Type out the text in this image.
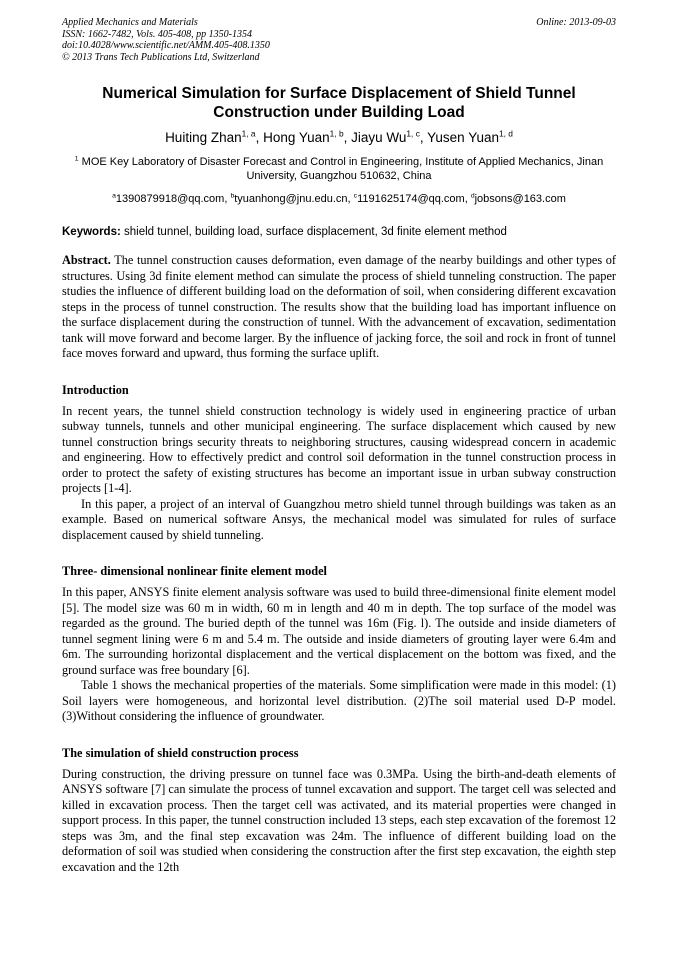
Applied Mechanics and Materials	Online: 2013-09-03
ISSN: 1662-7482, Vols. 405-408, pp 1350-1354
doi:10.4028/www.scientific.net/AMM.405-408.1350
© 2013 Trans Tech Publications Ltd, Switzerland
Numerical Simulation for Surface Displacement of Shield Tunnel
Construction under Building Load
Huiting Zhan$^{1, a}$, Hong Yuan$^{1, b}$, Jiayu Wu$^{1, c}$, Yusen Yuan$^{1, d}$
$^1$ MOE Key Laboratory of Disaster Forecast and Control in Engineering, Institute of Applied Mechanics, Jinan University, Guangzhou 510632, China
$^a$1390879918@qq.com, $^b$tyuanhong@jnu.edu.cn, $^c$1191625174@qq.com, $^d$jobsons@163.com
Keywords: shield tunnel, building load, surface displacement, 3d finite element method

Abstract. The tunnel construction causes deformation, even damage of the nearby buildings and other types of structures. Using 3d finite element method can simulate the process of shield tunneling construction. The paper studies the influence of different building load on the deformation of soil, when considering different excavation steps in the process of tunnel construction. The results show that the building load has important influence on the surface displacement during the construction of tunnel. With the advancement of excavation, sedimentation tank will move forward and become larger. By the influence of jacking force, the soil and rock in front of tunnel face moves forward and upward, thus forming the surface uplift.

Introduction

In recent years, the tunnel shield construction technology is widely used in engineering practice of urban subway tunnels, tunnels and other municipal engineering. The surface displacement which caused by new tunnel construction brings security threats to neighboring structures, causing widespread concern in academic and engineering. How to effectively predict and control soil deformation in the tunnel construction process in order to protect the safety of existing structures has become an important issue in urban subway construction projects [1-4].

In this paper, a project of an interval of Guangzhou metro shield tunnel through buildings was taken as an example. Based on numerical software Ansys, the mechanical model was simulated for rules of surface displacement caused by shield tunneling.

Three- dimensional nonlinear finite element model

In this paper, ANSYS finite element analysis software was used to build three-dimensional finite element model [5]. The model size was 60 m in width, 60 m in length and 40 m in depth. The top surface of the model was regarded as the ground. The buried depth of the tunnel was 16m (Fig. l). The outside and inside diameters of tunnel segment lining were 6 m and 5.4 m. The outside and inside diameters of grouting layer were 6.4m and 6m. The surrounding horizontal displacement and the vertical displacement on the bottom was fixed, and the ground surface was free boundary [6].

Table 1 shows the mechanical properties of the materials. Some simplification were made in this model: (1) Soil layers were homogeneous, and horizontal level distribution. (2)The soil material used D-P model. (3)Without considering the influence of groundwater.

The simulation of shield construction process

During construction, the driving pressure on tunnel face was 0.3MPa. Using the birth-and-death elements of ANSYS software [7] can simulate the process of tunnel excavation and support. The target cell was selected and killed in excavation process. Then the target cell was activated, and its material properties were changed in support process. In this paper, the tunnel construction included 13 steps, each step excavation of the foremost 12 steps was 3m, and the final step excavation was 24m. The influence of different building load on the deformation of soil was studied when considering the construction after the first step excavation, the eighth step excavation and the 12th
